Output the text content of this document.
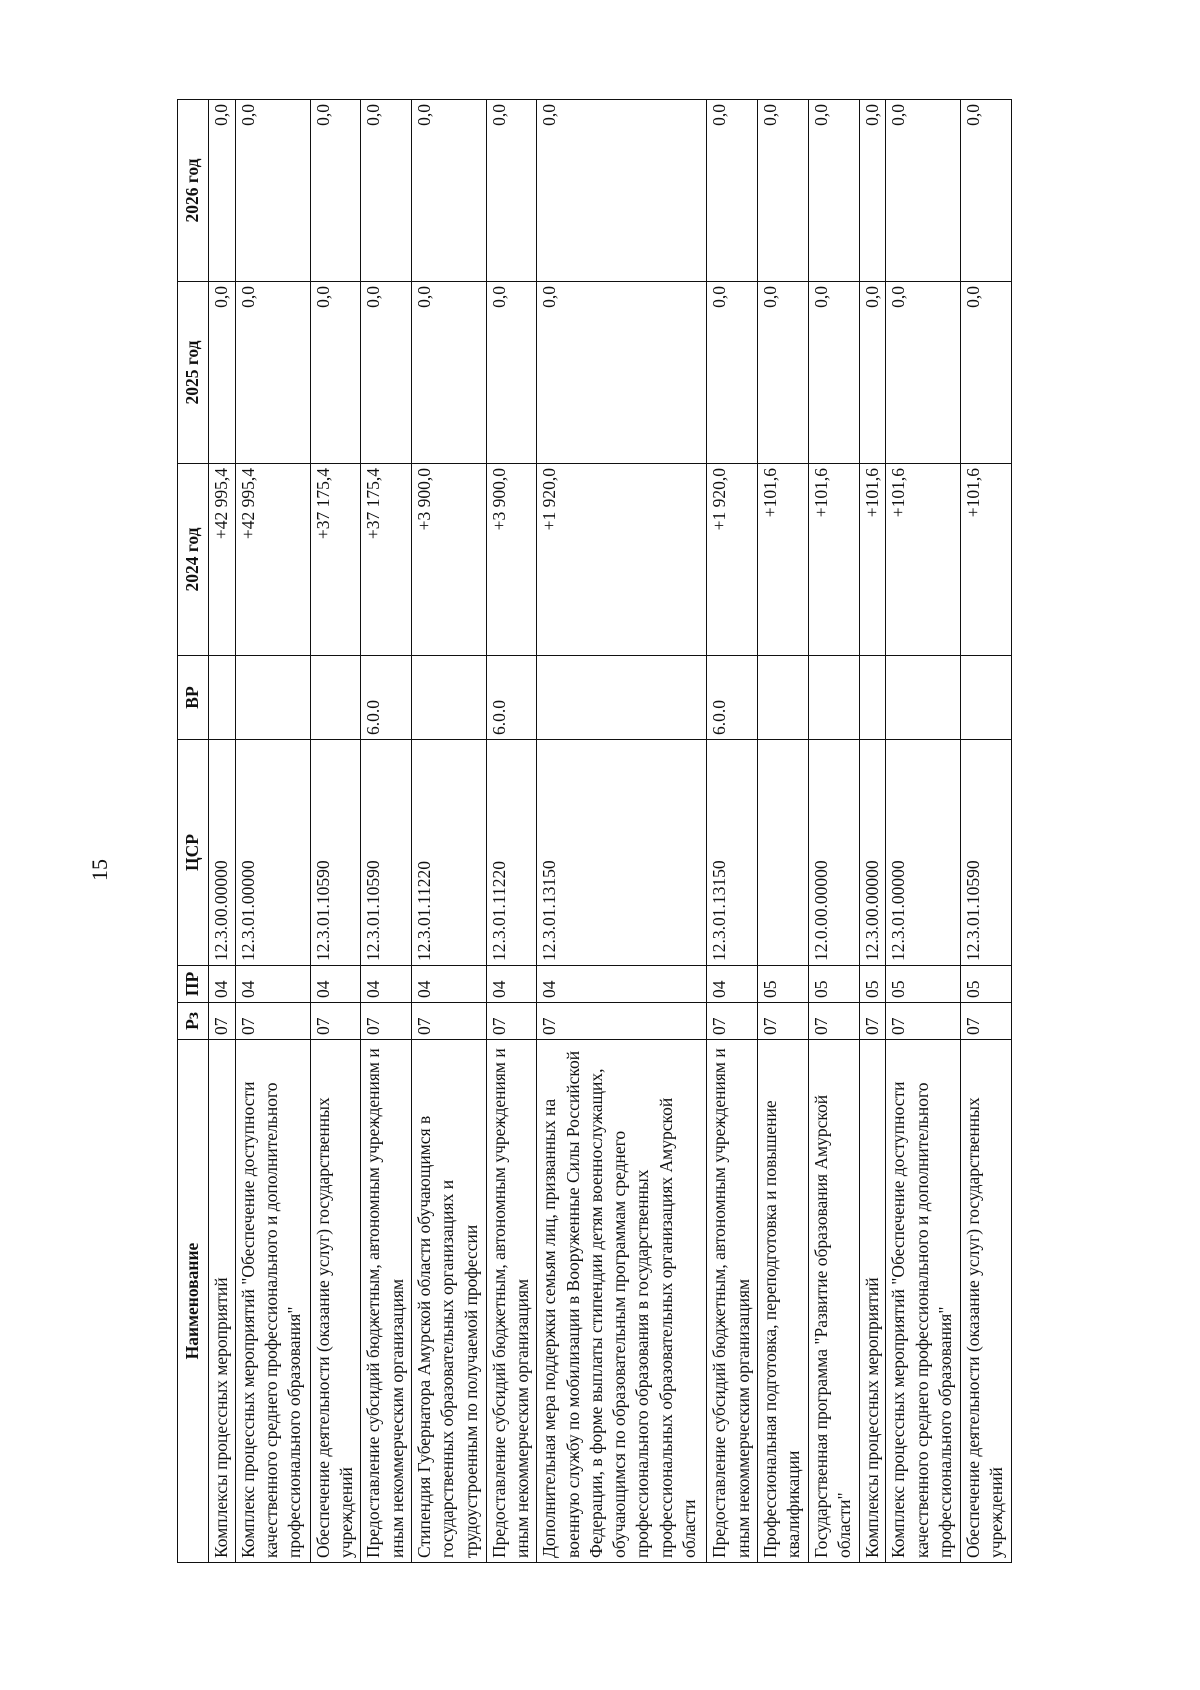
15
Наименование	Рз	ПР	ЦСР	ВР	2024 год	2025 год	2026 год
Комплексы процессных мероприятий	07	04	12.3.00.00000		+42 995,4	0,0	0,0
Комплекс процессных мероприятий "Обеспечение доступности качественного среднего профессионального и дополнительного профессионального образования"	07	04	12.3.01.00000		+42 995,4	0,0	0,0
Обеспечение деятельности (оказание услуг) государственных учреждений	07	04	12.3.01.10590		+37 175,4	0,0	0,0
Предоставление субсидий бюджетным, автономным учреждениям и иным некоммерческим организациям	07	04	12.3.01.10590	6.0.0	+37 175,4	0,0	0,0
Стипендия Губернатора Амурской области обучающимся в государственных образовательных организациях и трудоустроенным по получаемой профессии	07	04	12.3.01.11220		+3 900,0	0,0	0,0
Предоставление субсидий бюджетным, автономным учреждениям и иным некоммерческим организациям	07	04	12.3.01.11220	6.0.0	+3 900,0	0,0	0,0
Дополнительная мера поддержки семьям лиц, призванных на военную службу по мобилизации в Вооруженные Силы Российской Федерации, в форме выплаты стипендии детям военнослужащих, обучающимся по образовательным программам среднего профессионального образования в государственных профессиональных образовательных организациях Амурской области	07	04	12.3.01.13150		+1 920,0	0,0	0,0
Предоставление субсидий бюджетным, автономным учреждениям и иным некоммерческим организациям	07	04	12.3.01.13150	6.0.0	+1 920,0	0,0	0,0
Профессиональная подготовка, переподготовка и повышение квалификации	07	05			+101,6	0,0	0,0
Государственная программа "Развитие образования Амурской области"	07	05	12.0.00.00000		+101,6	0,0	0,0
Комплексы процессных мероприятий	07	05	12.3.00.00000		+101,6	0,0	0,0
Комплекс процессных мероприятий "Обеспечение доступности качественного среднего профессионального и дополнительного профессионального образования"	07	05	12.3.01.00000		+101,6	0,0	0,0
Обеспечение деятельности (оказание услуг) государственных учреждений	07	05	12.3.01.10590		+101,6	0,0	0,0
